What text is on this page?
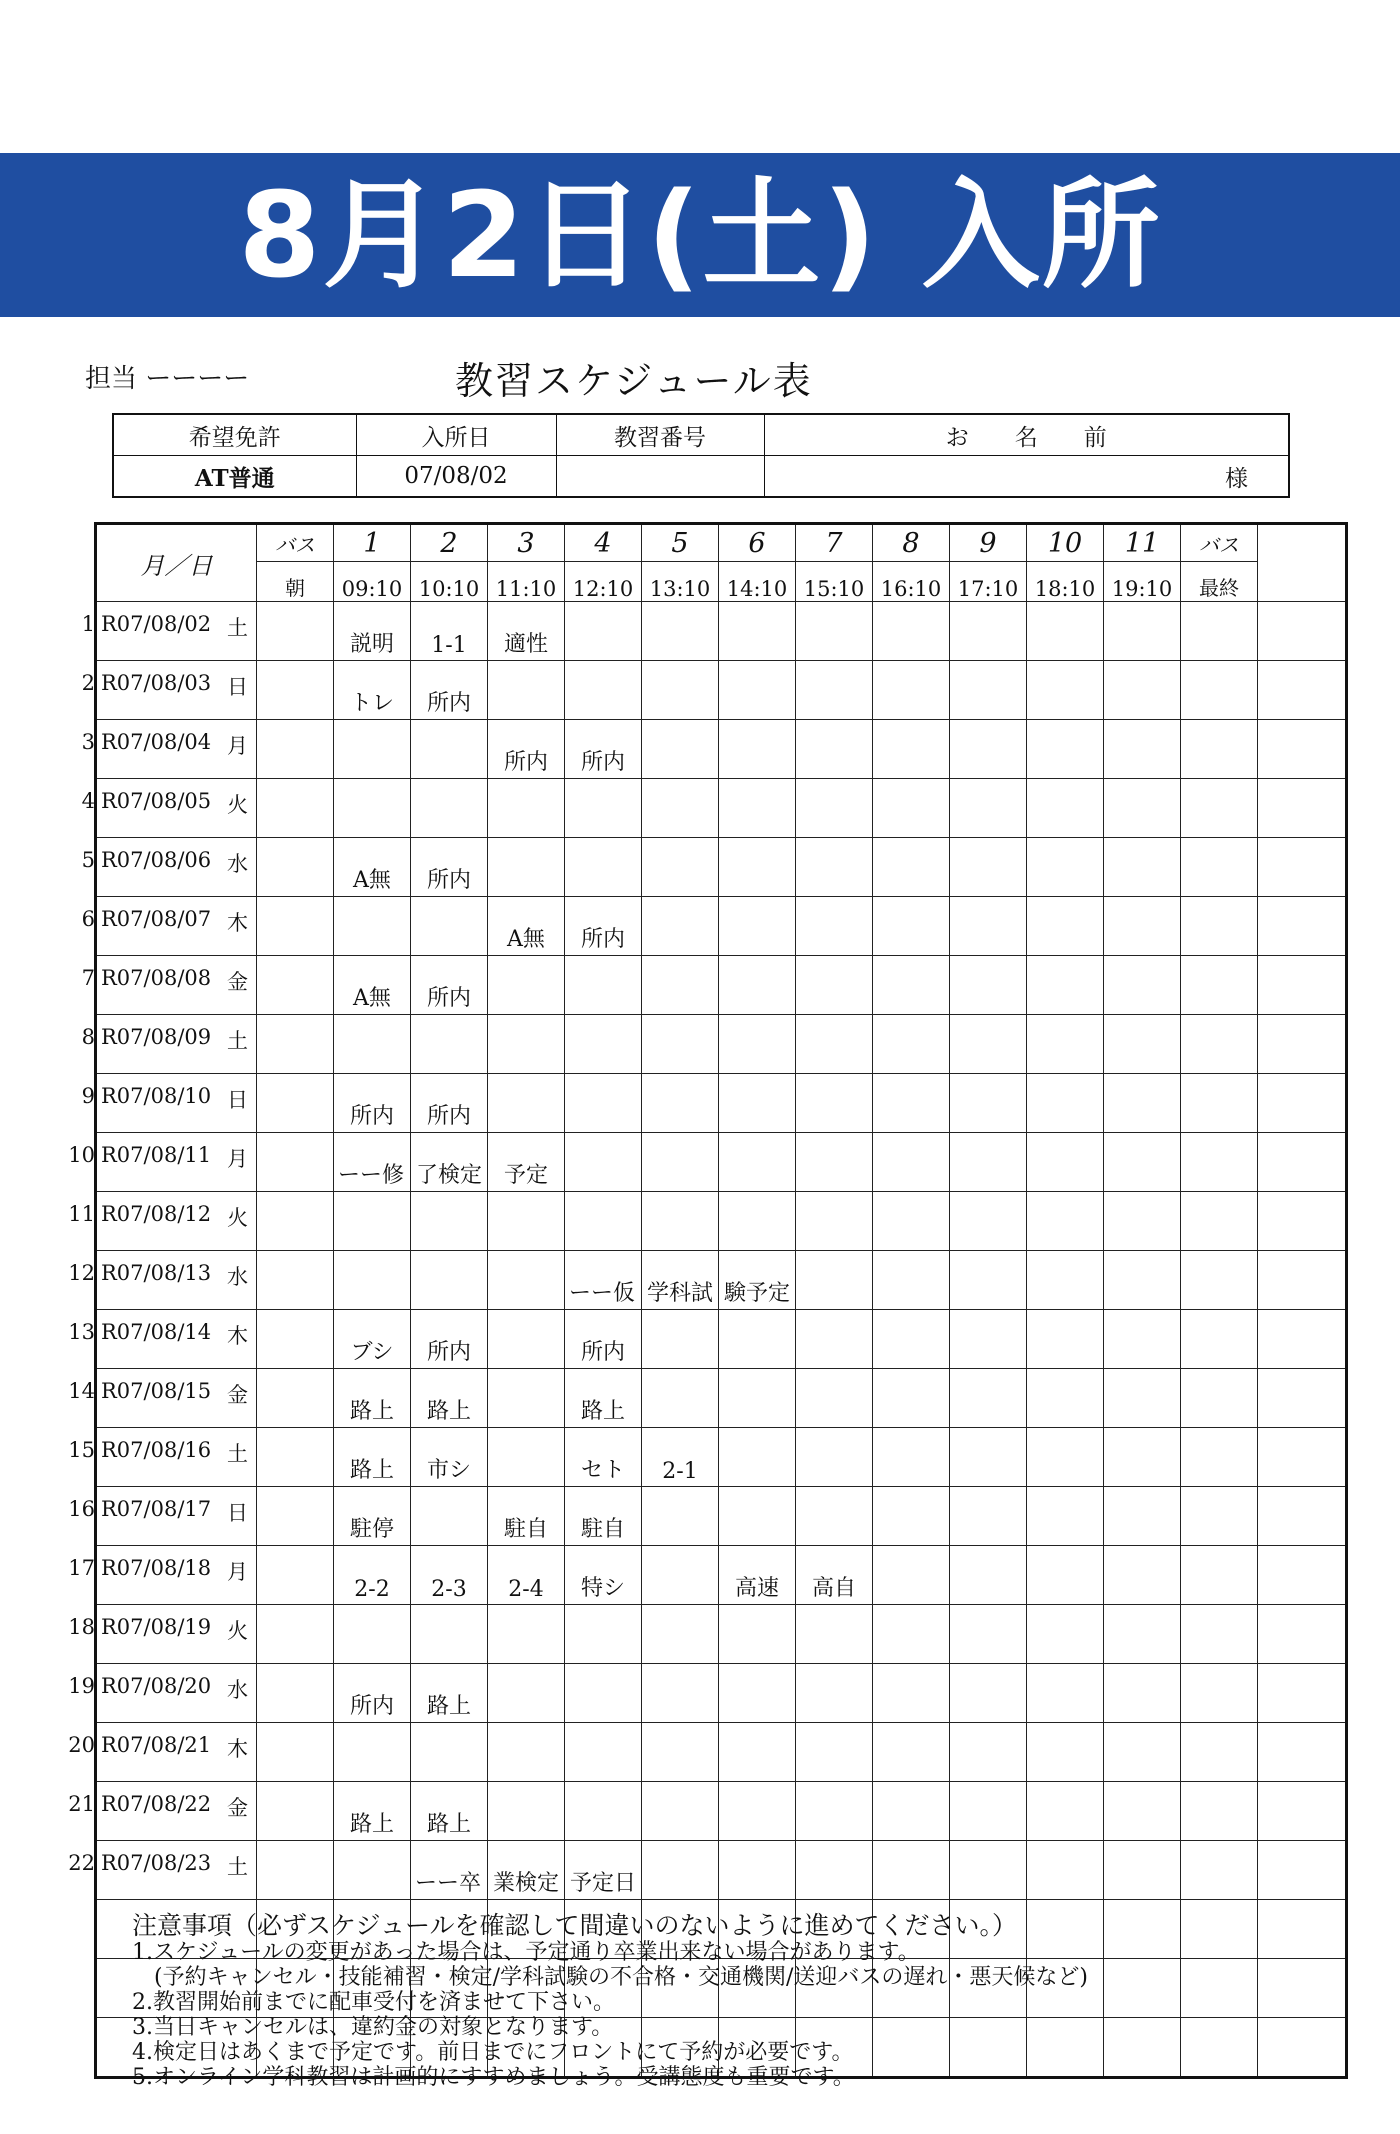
8月2日(土) 入所
担当 ーーーー	教習スケジュール表
希望免許	入所日	教習番号	お　　名　　前
AT普通	07/08/02		様
月／日	バス	1	2	3	4	5	6	7	8	9	10	11	バス	
	朝	09:10	10:10	11:10	12:10	13:10	14:10	15:10	16:10	17:10	18:10	19:10	最終	

1 R07/08/02 土		説明	1-1	適性										

2 R07/08/03 日		トレ	所内											

3 R07/08/04 月				所内	所内									

4 R07/08/05 火														

5 R07/08/06 水		A無	所内											

6 R07/08/07 木				A無	所内									

7 R07/08/08 金		A無	所内											

8 R07/08/09 土														

9 R07/08/10 日		所内	所内											

10 R07/08/11 月		ーー修	了検定	予定										

11 R07/08/12 火														

12 R07/08/13 水					ーー仮	学科試	験予定							

13 R07/08/14 木		ブシ	所内		所内									

14 R07/08/15 金		路上	路上		路上									

15 R07/08/16 土		路上	市シ		セト	2-1								

16 R07/08/17 日		駐停		駐自	駐自									

17 R07/08/18 月		2-2	2-3	2-4	特シ		高速	高自						

18 R07/08/19 火														

19 R07/08/20 水		所内	路上											

20 R07/08/21 木														

21 R07/08/22 金		路上	路上											

22 R07/08/23 土			ーー卒	業検定	予定日									

注意事項（必ずスケジュールを確認して間違いのないように進めてください。）
1.スケジュールの変更があった場合は、予定通り卒業出来ない場合があります。
　(予約キャンセル・技能補習・検定/学科試験の不合格・交通機関/送迎バスの遅れ・悪天候など)
2.教習開始前までに配車受付を済ませて下さい。
3.当日キャンセルは、違約金の対象となります。
4.検定日はあくまで予定です。前日までにフロントにて予約が必要です。
5.オンライン学科教習は計画的にすすめましょう。受講態度も重要です。
